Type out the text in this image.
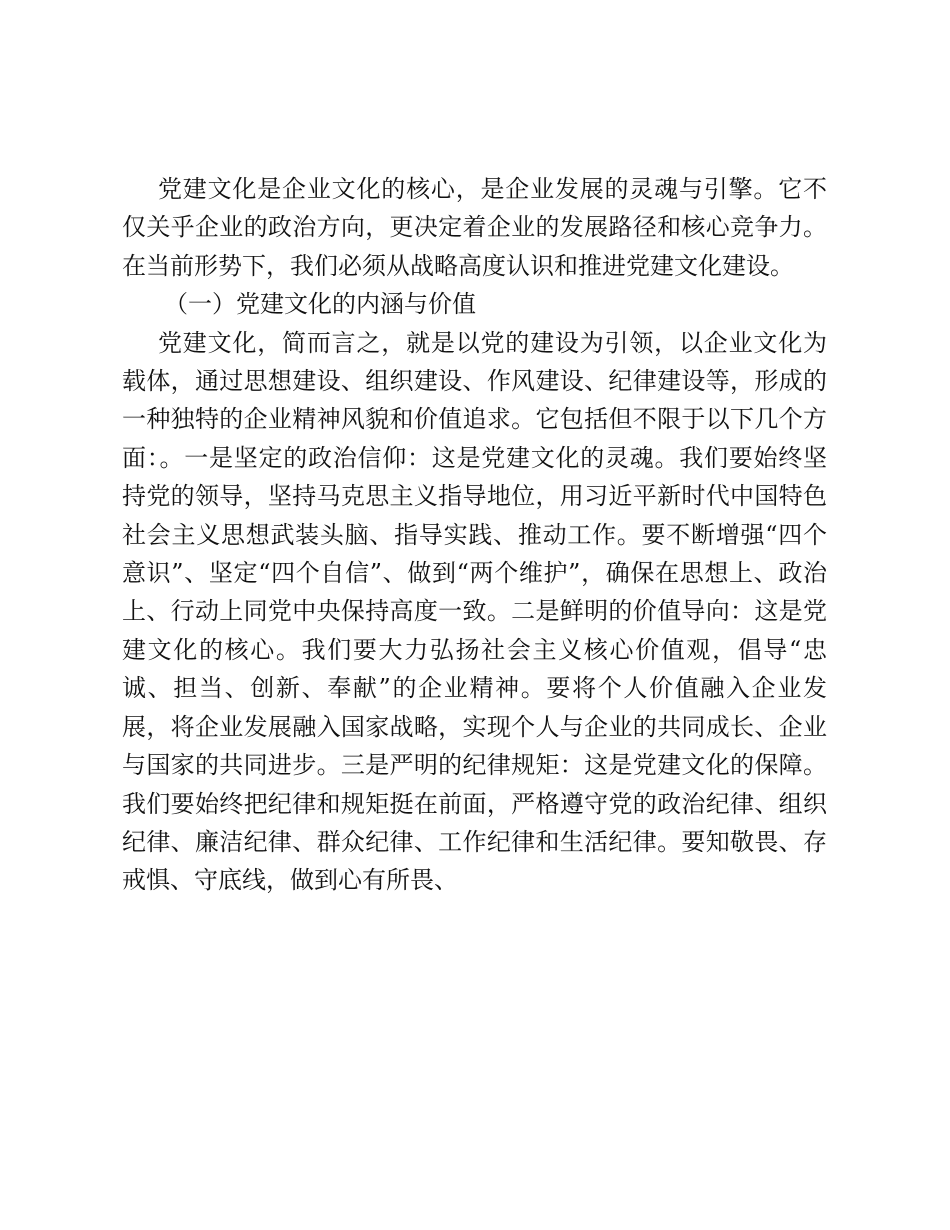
党建文化是企业文化的核心，是企业发展的灵魂与引擎。它不仅关乎企业的政治方向，更决定着企业的发展路径和核心竞争力。在当前形势下，我们必须从战略高度认识和推进党建文化建设。

（一）党建文化的内涵与价值

党建文化，简而言之，就是以党的建设为引领，以企业文化为载体，通过思想建设、组织建设、作风建设、纪律建设等，形成的一种独特的企业精神风貌和价值追求。它包括但不限于以下几个方面：。一是坚定的政治信仰：这是党建文化的灵魂。我们要始终坚持党的领导，坚持马克思主义指导地位，用习近平新时代中国特色社会主义思想武装头脑、指导实践、推动工作。要不断增强“四个意识”、坚定“四个自信”、做到“两个维护”，确保在思想上、政治上、行动上同党中央保持高度一致。二是鲜明的价值导向：这是党建文化的核心。我们要大力弘扬社会主义核心价值观，倡导“忠诚、担当、创新、奉献”的企业精神。要将个人价值融入企业发展，将企业发展融入国家战略，实现个人与企业的共同成长、企业与国家的共同进步。三是严明的纪律规矩：这是党建文化的保障。我们要始终把纪律和规矩挺在前面，严格遵守党的政治纪律、组织纪律、廉洁纪律、群众纪律、工作纪律和生活纪律。要知敬畏、存戒惧、守底线，做到心有所畏、
